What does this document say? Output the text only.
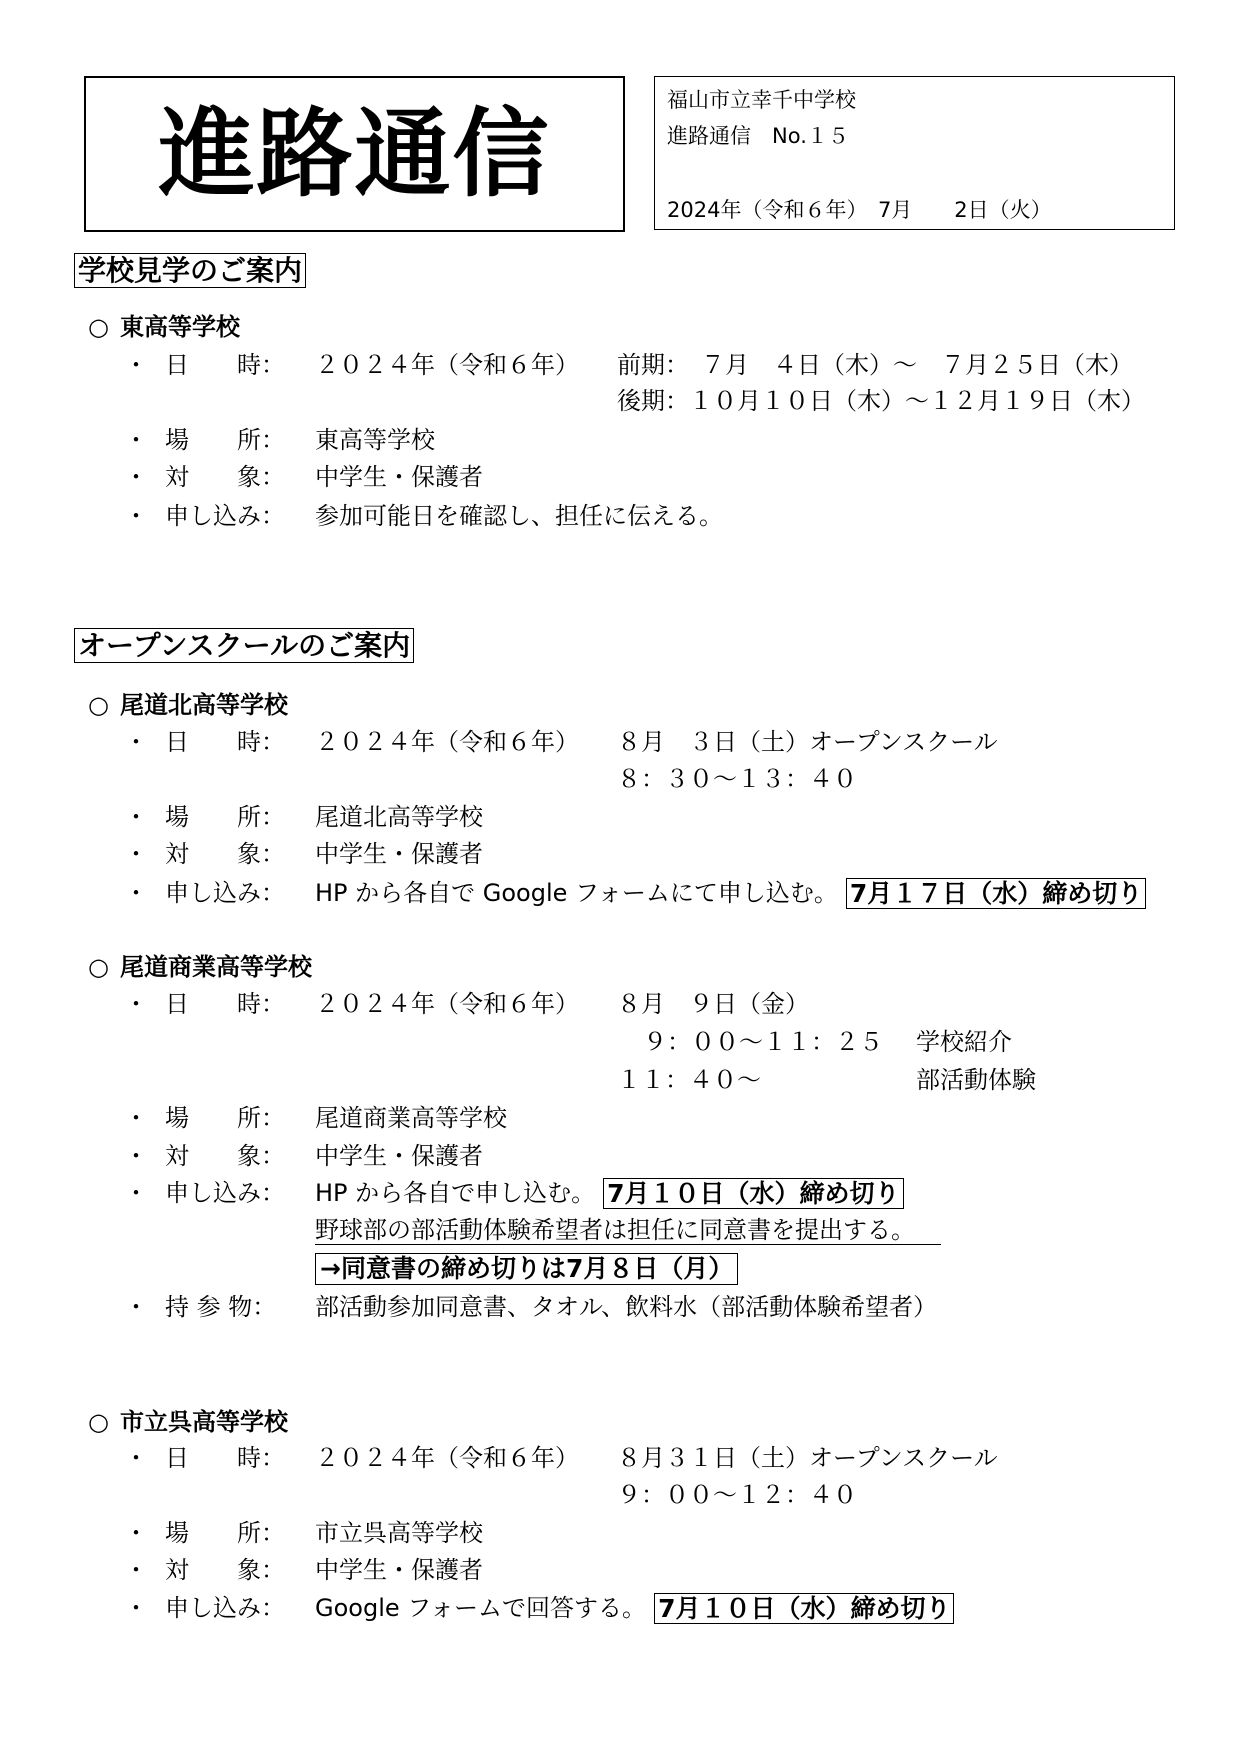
進路通信	福山市立幸千中学校
進路通信　No.１５
2024年（令和６年）　7月　　2日（火）
学校見学のご案内
○ 東高等学校
・ 日　　時： ２０２４年（令和６年） 前期：　７月　４日（木）～　７月２５日（木）
後期：１０月１０日（木）～１２月１９日（木）
・ 場　　所： 東高等学校
・ 対　　象： 中学生・保護者
・ 申し込み： 参加可能日を確認し、担任に伝える。
オープンスクールのご案内
○ 尾道北高等学校
・ 日　　時： ２０２４年（令和６年） ８月　３日（土）オープンスクール
８：３０～１３：４０
・ 場　　所： 尾道北高等学校
・ 対　　象： 中学生・保護者
・ 申し込み： HP から各自で Google フォームにて申し込む。 7月１７日（水）締め切り
○ 尾道商業高等学校
・ 日　　時： ２０２４年（令和６年） ８月　９日（金）
９：００～１１：２５ 学校紹介
１１：４０～	部活動体験
・ 場　　所： 尾道商業高等学校
・ 対　　象： 中学生・保護者
・ 申し込み： HP から各自で申し込む。 7月１０日（水）締め切り
野球部の部活動体験希望者は担任に同意書を提出する。
→同意書の締め切りは7月８日（月）
・ 持 参 物： 部活動参加同意書、タオル、飲料水（部活動体験希望者）
○ 市立呉高等学校
・ 日　　時： ２０２４年（令和６年） ８月３１日（土）オープンスクール
９：００～１２：４０
・ 場　　所： 市立呉高等学校
・ 対　　象： 中学生・保護者
・ 申し込み： Google フォームで回答する。 7月１０日（水）締め切り
